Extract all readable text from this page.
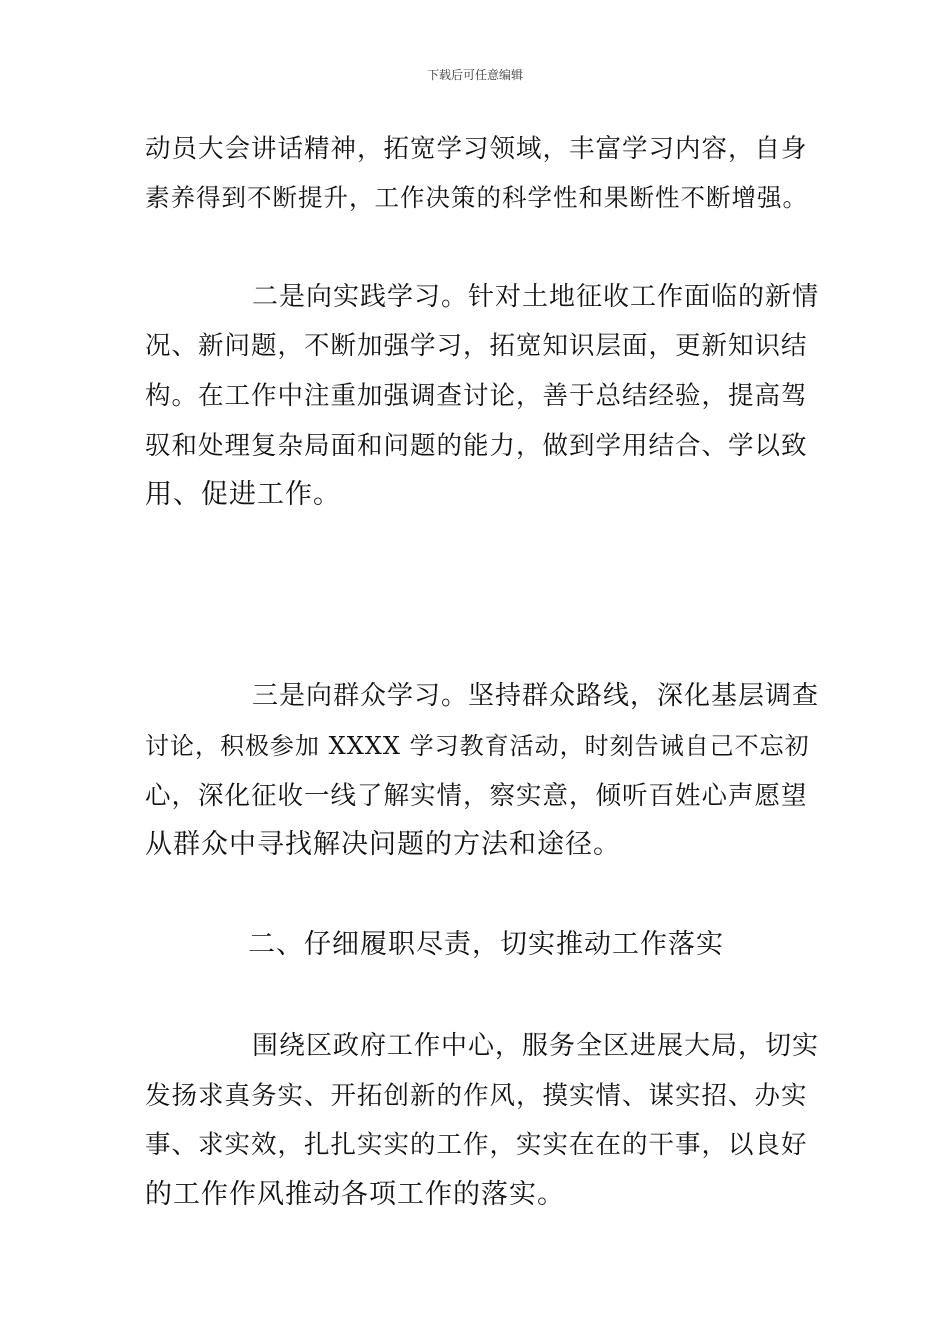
下载后可任意编辑
动员大会讲话精神，拓宽学习领域，丰富学习内容，自身
素养得到不断提升，工作决策的科学性和果断性不断增强。
二是向实践学习。针对土地征收工作面临的新情
况、新问题，不断加强学习，拓宽知识层面，更新知识结
构。在工作中注重加强调查讨论，善于总结经验，提高驾
驭和处理复杂局面和问题的能力，做到学用结合、学以致
用、促进工作。
三是向群众学习。坚持群众路线，深化基层调查
讨论，积极参加 XXXX 学习教育活动，时刻告诫自己不忘初
心，深化征收一线了解实情，察实意，倾听百姓心声愿望
从群众中寻找解决问题的方法和途径。
二、仔细履职尽责，切实推动工作落实
围绕区政府工作中心，服务全区进展大局，切实
发扬求真务实、开拓创新的作风，摸实情、谋实招、办实
事、求实效，扎扎实实的工作，实实在在的干事，以良好
的工作作风推动各项工作的落实。
